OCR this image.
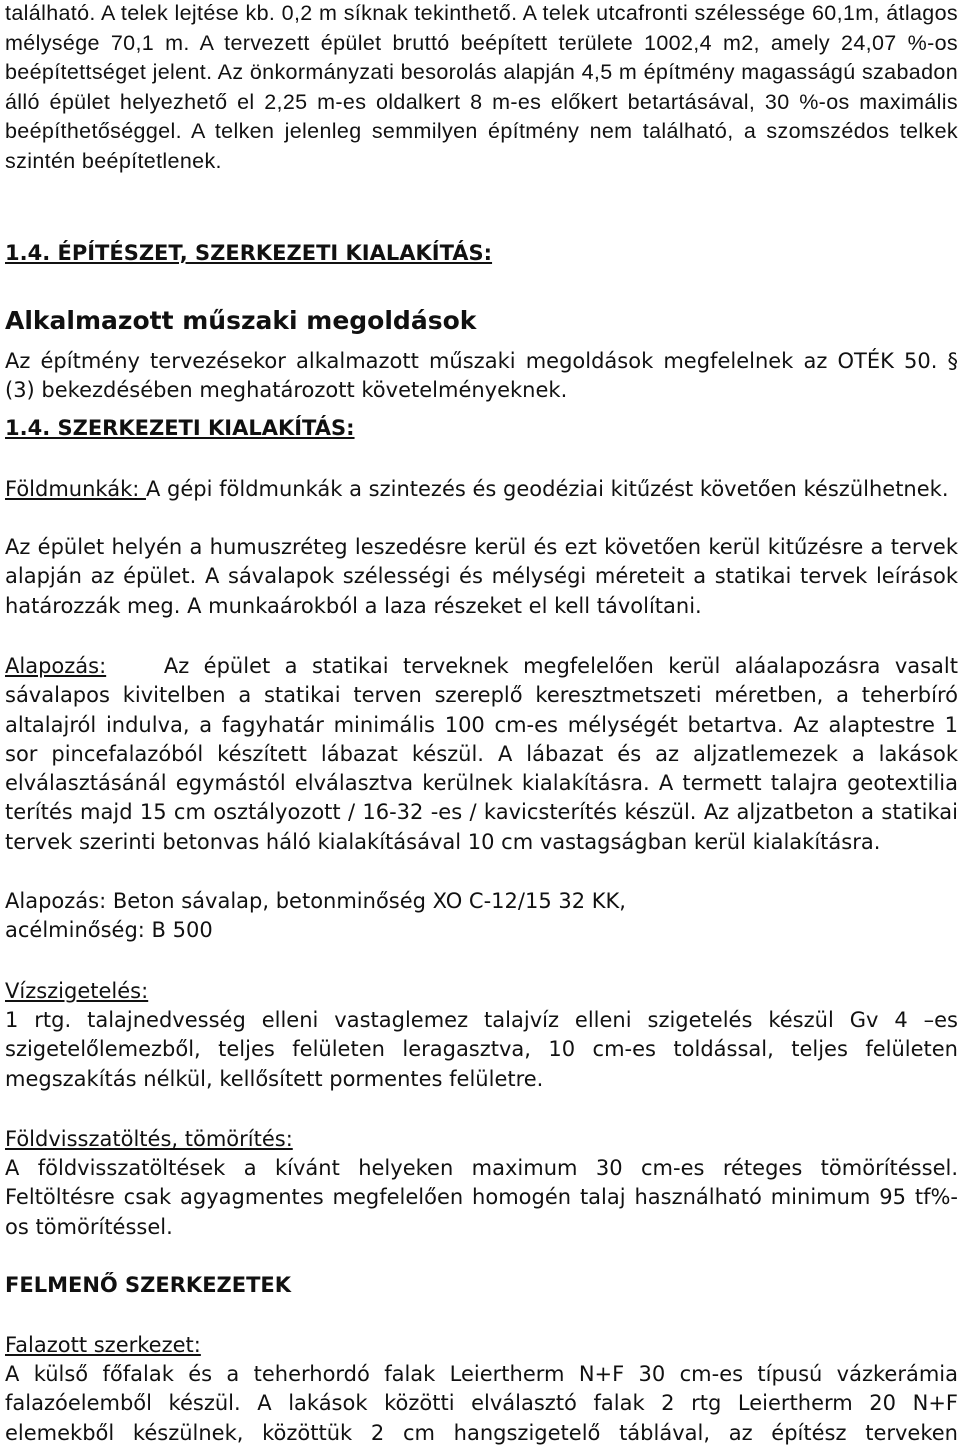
található. A telek lejtése kb. 0,2 m síknak tekinthető. A telek utcafronti szélessége 60,1m, átlagos mélysége 70,1 m. A tervezett épület bruttó beépített területe 1002,4 m2, amely 24,07 %-os beépítettséget jelent. Az önkormányzati besorolás alapján 4,5 m építmény magasságú szabadon álló épület helyezhető el 2,25 m-es oldalkert 8 m-es előkert betartásával, 30 %-os maximális beépíthetőséggel. A telken jelenleg semmilyen építmény nem található, a szomszédos telkek szintén beépítetlenek.

1.4. ÉPÍTÉSZET, SZERKEZETI KIALAKÍTÁS:

Alkalmazott műszaki megoldások

Az építmény tervezésekor alkalmazott műszaki megoldások megfelelnek az OTÉK 50. § (3) bekezdésében meghatározott követelményeknek.

1.4. SZERKEZETI KIALAKÍTÁS:

Földmunkák: A gépi földmunkák a szintezés és geodéziai kitűzést követően készülhetnek.

Az épület helyén a humuszréteg leszedésre kerül és ezt követően kerül kitűzésre a tervek alapján az épület. A sávalapok szélességi és mélységi méreteit a statikai tervek leírások határozzák meg. A munkaárokból a laza részeket el kell távolítani.

Alapozás:	Az épület a statikai terveknek megfelelően kerül aláalapozásra vasalt sávalapos kivitelben a statikai terven szereplő keresztmetszeti méretben, a teherbíró altalajról indulva, a fagyhatár minimális 100 cm-es mélységét betartva. Az alaptestre 1 sor pincefalazóból készített lábazat készül. A lábazat és az aljzatlemezek a lakások elválasztásánál egymástól elválasztva kerülnek kialakításra. A termett talajra geotextilia terítés majd 15 cm osztályozott / 16-32 -es / kavicsterítés készül. Az aljzatbeton a statikai tervek szerinti betonvas háló kialakításával 10 cm vastagságban kerül kialakításra.

Alapozás: Beton sávalap, betonminőség XO C-12/15 32 KK,

acélminőség: B 500

Vízszigetelés:

1 rtg. talajnedvesség elleni vastaglemez talajvíz elleni szigetelés készül Gv 4 –es szigetelőlemezből, teljes felületen leragasztva, 10 cm-es toldással, teljes felületen megszakítás nélkül, kellősített pormentes felületre.

Földvisszatöltés, tömörítés:

A földvisszatöltések a kívánt helyeken maximum 30 cm-es réteges tömörítéssel. Feltöltésre csak agyagmentes megfelelően homogén talaj használható minimum 95 tf%-os tömörítéssel.

FELMENŐ SZERKEZETEK

Falazott szerkezet:

A külső főfalak és a teherhordó falak Leiertherm N+F 30 cm-es típusú vázkerámia falazóelemből készül. A lakások közötti elválasztó falak 2 rtg Leiertherm 20 N+F elemekből készülnek, közöttük 2 cm hangszigetelő táblával, az építész terveken
